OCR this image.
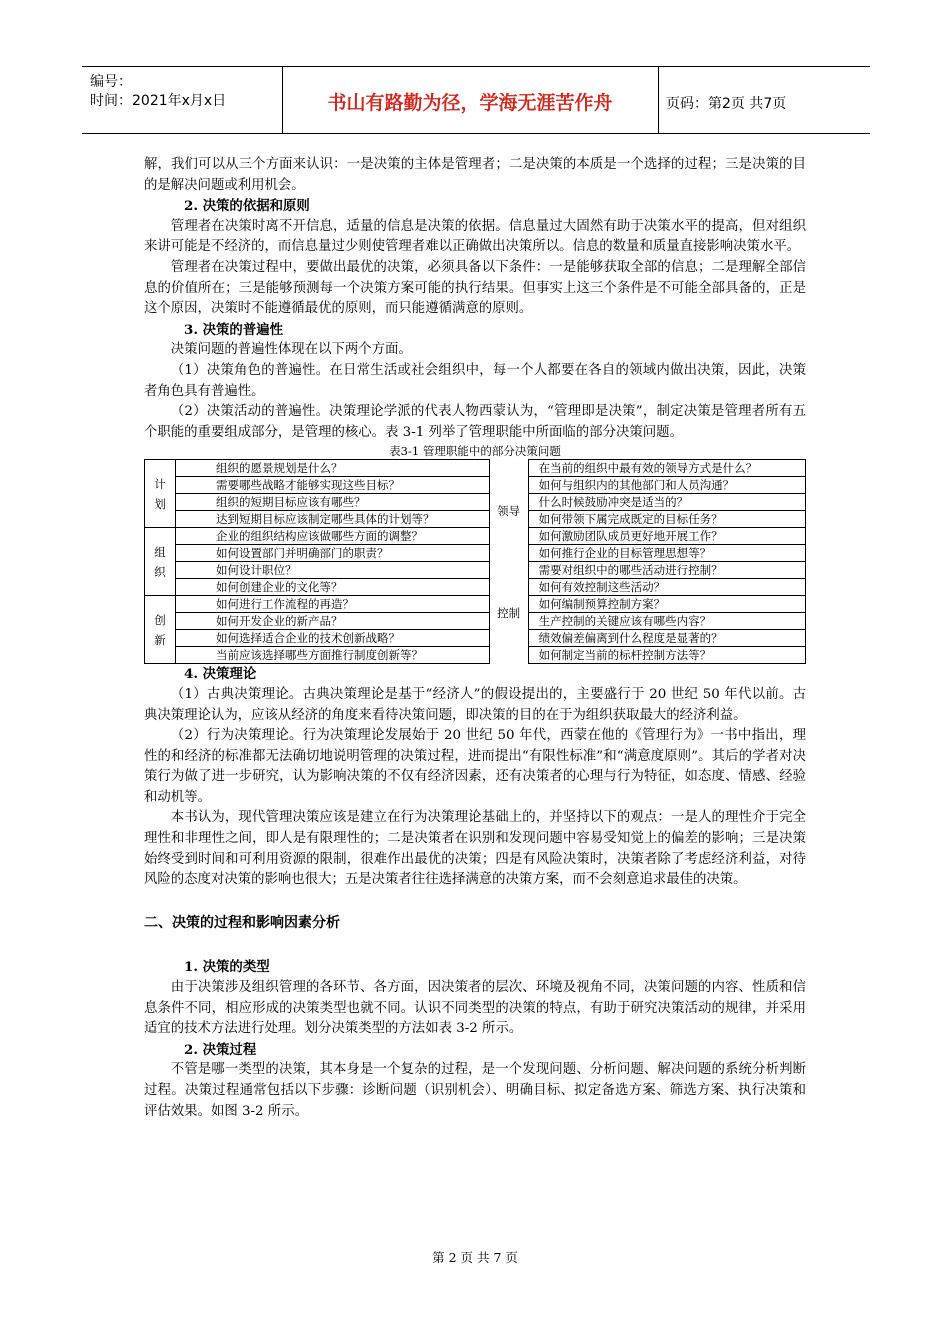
编号：
时间：2021年x月x日	书山有路勤为径，学海无涯苦作舟	页码：第2页 共7页

解，我们可以从三个方面来认识：一是决策的主体是管理者；二是决策的本质是一个选择的过程；三是决策的目的是解决问题或利用机会。

2. 决策的依据和原则

管理者在决策时离不开信息，适量的信息是决策的依据。信息量过大固然有助于决策水平的提高，但对组织来讲可能是不经济的，而信息量过少则使管理者难以正确做出决策所以。信息的数量和质量直接影响决策水平。

管理者在决策过程中，要做出最优的决策，必须具备以下条件：一是能够获取全部的信息；二是理解全部信息的价值所在；三是能够预测每一个决策方案可能的执行结果。但事实上这三个条件是不可能全部具备的，正是这个原因，决策时不能遵循最优的原则，而只能遵循满意的原则。

3. 决策的普遍性

决策问题的普遍性体现在以下两个方面。

（1）决策角色的普遍性。在日常生活或社会组织中，每一个人都要在各自的领域内做出决策，因此，决策者角色具有普遍性。

（2）决策活动的普遍性。决策理论学派的代表人物西蒙认为，“管理即是决策”，制定决策是管理者所有五个职能的重要组成部分，是管理的核心。表 3-1 列举了管理职能中所面临的部分决策问题。

表3-1 管理职能中的部分决策问题

计
划	组织的愿景规划是什么？	领导	在当前的组织中最有效的领导方式是什么？
	需要哪些战略才能够实现这些目标？		如何与组织内的其他部门和人员沟通？
	组织的短期目标应该有哪些？		什么时候鼓励冲突是适当的？
	达到短期目标应该制定哪些具体的计划等？		如何带领下属完成既定的目标任务？

组
织	企业的组织结构应该做哪些方面的调整？		如何激励团队成员更好地开展工作？
	如何设置部门并明确部门的职责？		如何推行企业的目标管理思想等？
	如何设计职位？	控制	需要对组织中的哪些活动进行控制？
	如何创建企业的文化等？		如何有效控制这些活动？

创
新	如何进行工作流程的再造？		如何编制预算控制方案？
	如何开发企业的新产品？		生产控制的关键应该有哪些内容？
	如何选择适合企业的技术创新战略？		绩效偏差偏离到什么程度是显著的？
	当前应该选择哪些方面推行制度创新等？		如何制定当前的标杆控制方法等？

4. 决策理论

（1）古典决策理论。古典决策理论是基于“经济人”的假设提出的，主要盛行于 20 世纪 50 年代以前。古典决策理论认为，应该从经济的角度来看待决策问题，即决策的目的在于为组织获取最大的经济利益。

（2）行为决策理论。行为决策理论发展始于 20 世纪 50 年代，西蒙在他的《管理行为》一书中指出，理性的和经济的标准都无法确切地说明管理的决策过程，进而提出“有限性标准”和“满意度原则”。其后的学者对决策行为做了进一步研究，认为影响决策的不仅有经济因素，还有决策者的心理与行为特征，如态度、情感、经验和动机等。

本书认为，现代管理决策应该是建立在行为决策理论基础上的，并坚持以下的观点：一是人的理性介于完全理性和非理性之间，即人是有限理性的；二是决策者在识别和发现问题中容易受知觉上的偏差的影响；三是决策始终受到时间和可利用资源的限制，很难作出最优的决策；四是有风险决策时，决策者除了考虑经济利益，对待风险的态度对决策的影响也很大；五是决策者往往选择满意的决策方案，而不会刻意追求最佳的决策。

二、决策的过程和影响因素分析

1. 决策的类型

由于决策涉及组织管理的各环节、各方面，因决策者的层次、环境及视角不同，决策问题的内容、性质和信息条件不同，相应形成的决策类型也就不同。认识不同类型的决策的特点，有助于研究决策活动的规律，并采用适宜的技术方法进行处理。划分决策类型的方法如表 3-2 所示。

2. 决策过程

不管是哪一类型的决策，其本身是一个复杂的过程，是一个发现问题、分析问题、解决问题的系统分析判断过程。决策过程通常包括以下步骤：诊断问题（识别机会）、明确目标、拟定备选方案、筛选方案、执行决策和评估效果。如图 3-2 所示。

第 2 页 共 7 页
